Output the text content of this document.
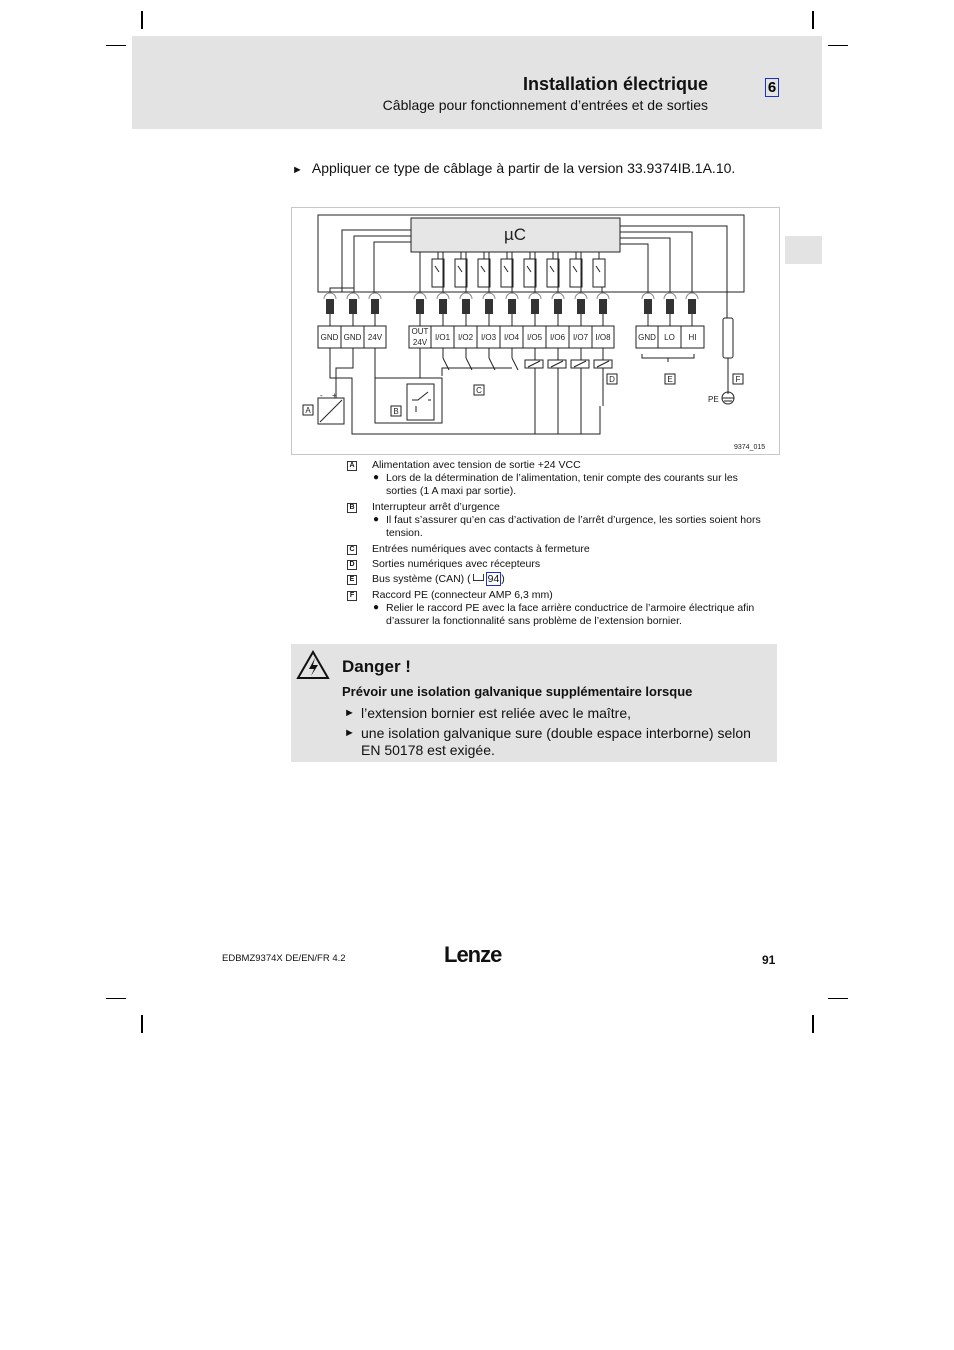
Installation électrique
Câblage pour fonctionnement d’entrées et de sorties
6
► Appliquer ce type de câblage à partir de la version 33.9374IB.1A.10.
GND GND 24V
OUT
24V
I/O1 I/O2 I/O3 I/O4 I/O5 I/O6 I/O7 I/O8	GND LO HI
µC
- +	PE
A	B
C
D	E	F
9374_015
A Alimentation avec tension de sortie +24 VCC
● Lors de la détermination de l’alimentation, tenir compte des courants sur les sorties (1 A maxi par sortie).
B Interrupteur arrêt d’urgence
● Il faut s’assurer qu’en cas d’activation de l’arrêt d’urgence, les sorties soient hors tension.
C Entrées numériques avec contacts à fermeture
D Sorties numériques avec récepteurs
E Bus système (CAN) ( 94 )
F Raccord PE (connecteur AMP 6,3 mm)
● Relier le raccord PE avec la face arrière conductrice de l’armoire électrique afin d’assurer la fonctionnalité sans problème de l’extension bornier.
Danger !
Prévoir une isolation galvanique supplémentaire lorsque
► l’extension bornier est reliée avec le maître,
► une isolation galvanique sure (double espace interborne) selon EN 50178 est exigée.
EDBMZ9374X DE/EN/FR 4.2	Lenze	91
